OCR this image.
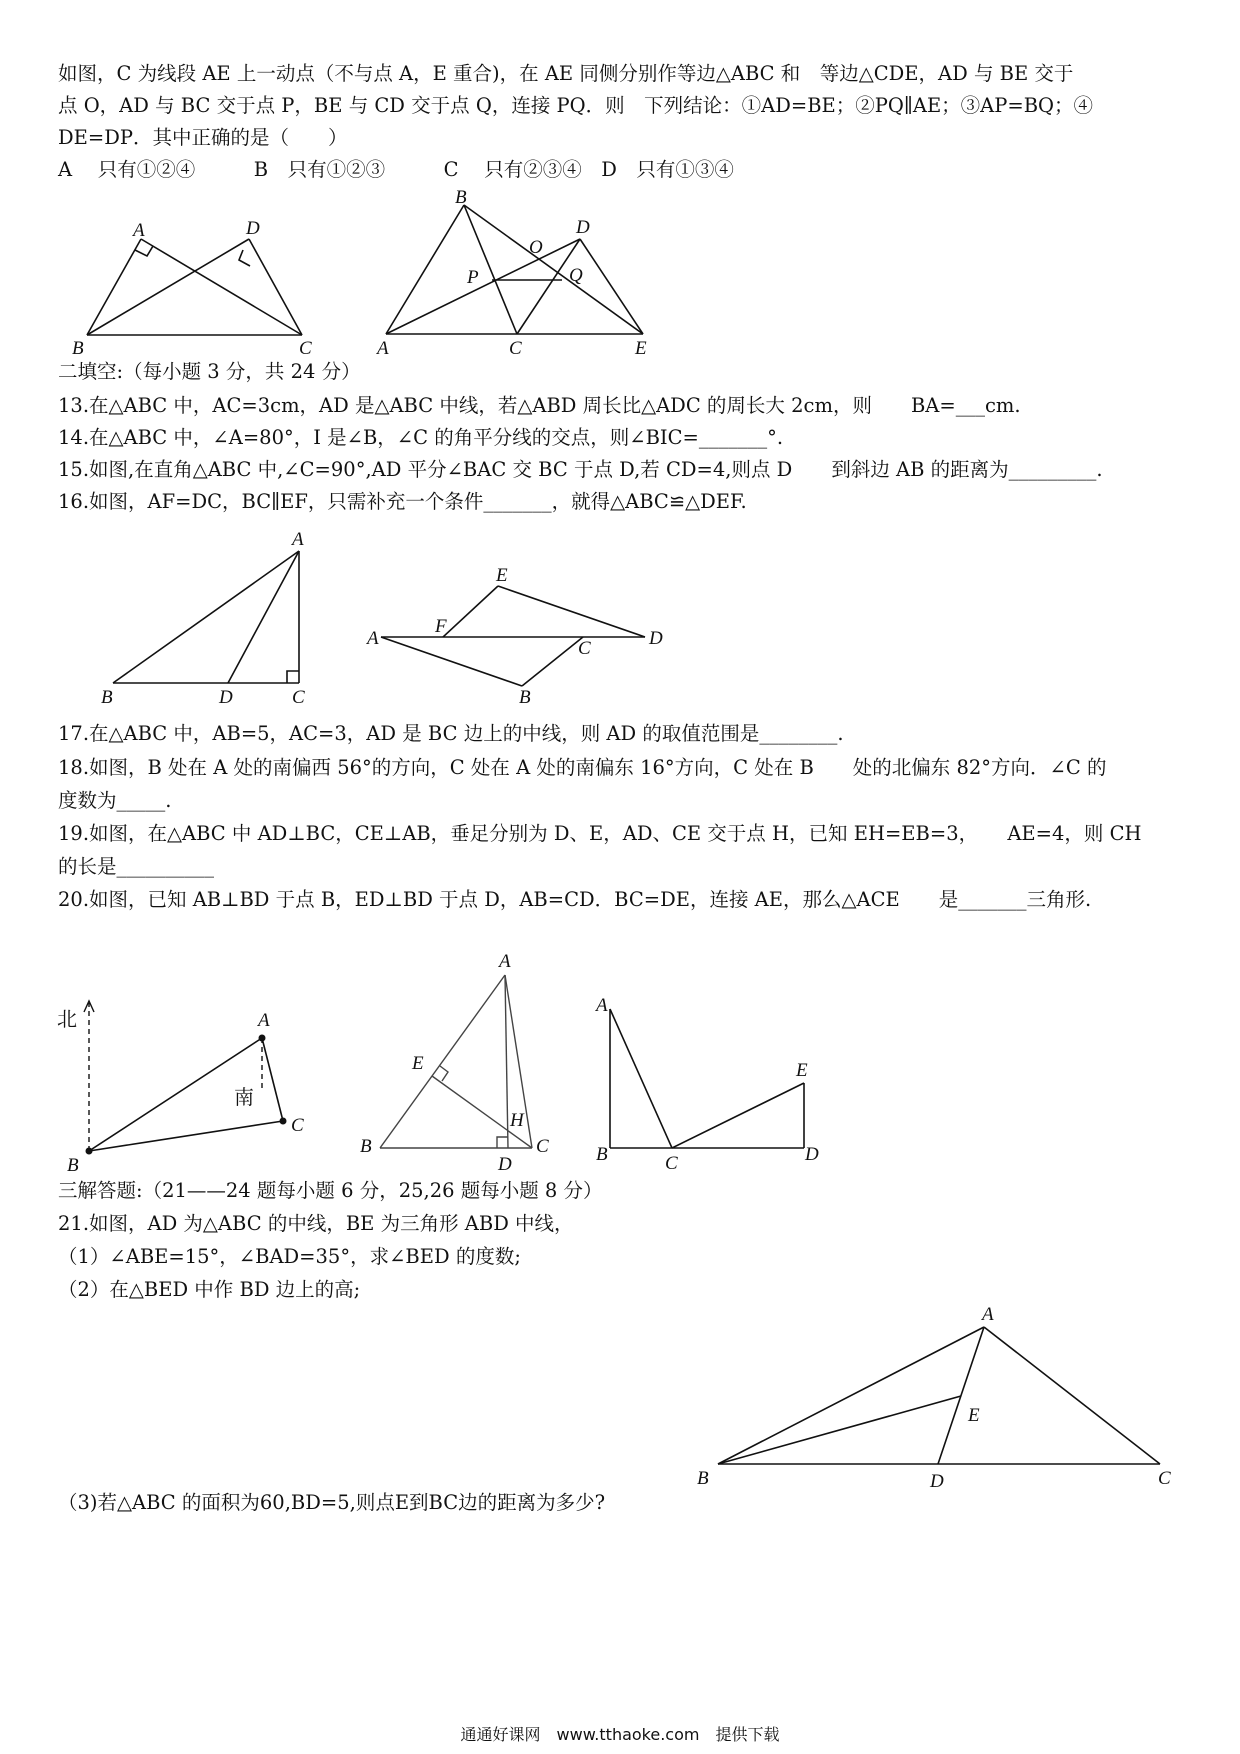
如图，C 为线段 AE 上一动点（不与点 A，E 重合)，在 AE 同侧分别作等边△ABC 和　等边△CDE，AD 与 BE 交于
点 O，AD 与 BC 交于点 P，BE 与 CD 交于点 Q，连接 PQ．则　下列结论：①AD=BE；②PQ∥AE；③AP=BQ；④
DE=DP．其中正确的是（　　）
A　 只有①②④　　　B　只有①②③　　　C　 只有②③④　D　只有①③④
二填空:（每小题 3 分，共 24 分）
13.在△ABC 中，AC=3cm，AD 是△ABC 中线，若△ABD 周长比△ADC 的周长大 2cm，则　　BA=___cm.
14.在△ABC 中，∠A=80°，I 是∠B，∠C 的角平分线的交点，则∠BIC=_______°.
15.如图,在直角△ABC 中,∠C=90°,AD 平分∠BAC 交 BC 于点 D,若 CD=4,则点 D　　到斜边 AB 的距离为_________.
16.如图，AF=DC，BC∥EF，只需补充一个条件_______，就得△ABC≌△DEF.
17.在△ABC 中，AB=5，AC=3，AD 是 BC 边上的中线，则 AD 的取值范围是________.
18.如图，B 处在 A 处的南偏西 56°的方向，C 处在 A 处的南偏东 16°方向，C 处在 B　　处的北偏东 82°方向．∠C 的
度数为_____.
19.如图，在△ABC 中 AD⊥BC，CE⊥AB，垂足分别为 D、E，AD、CE 交于点 H，已知 EH=EB=3，　　AE=4，则 CH
的长是__________
20.如图，已知 AB⊥BD 于点 B，ED⊥BD 于点 D，AB=CD．BC=DE，连接 AE，那么△ACE　　是_______三角形.
三解答题:（21——24 题每小题 6 分，25,26 题每小题 8 分）
21.如图，AD 为△ABC 的中线，BE 为三角形 ABD 中线，
（1）∠ABE=15°，∠BAD=35°，求∠BED 的度数;
（2）在△BED 中作 BD 边上的高;
（3)若△ABC 的面积为60,BD=5,则点E到BC边的距离为多少?
A	D
B	C
B
D
O
P	Q
A	C	E
A
B	D	C
E
A
F
C	D
B
北
南
A
C
B
A
E
H
B
D
C
A
E
B	C	D
A
E
B	D	C
通通好课网　www.tthaoke.com　提供下载
